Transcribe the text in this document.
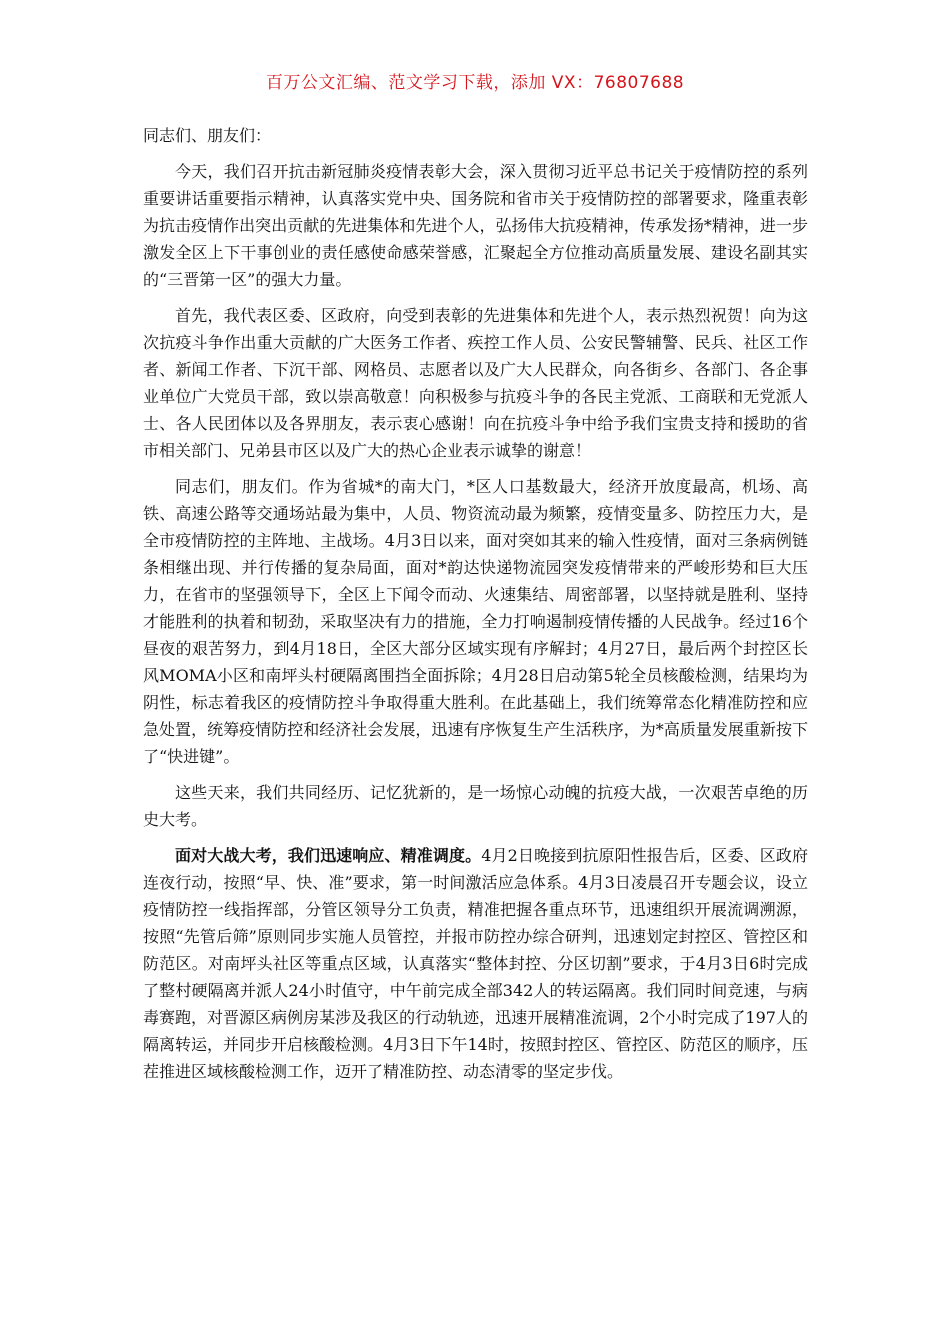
百万公文汇编、范文学习下载，添加 VX：76807688

同志们、朋友们：

今天，我们召开抗击新冠肺炎疫情表彰大会，深入贯彻习近平总书记关于疫情防控的系列重要讲话重要指示精神，认真落实党中央、国务院和省市关于疫情防控的部署要求，隆重表彰为抗击疫情作出突出贡献的先进集体和先进个人，弘扬伟大抗疫精神，传承发扬*精神，进一步激发全区上下干事创业的责任感使命感荣誉感，汇聚起全方位推动高质量发展、建设名副其实的“三晋第一区”的强大力量。

首先，我代表区委、区政府，向受到表彰的先进集体和先进个人，表示热烈祝贺！向为这次抗疫斗争作出重大贡献的广大医务工作者、疾控工作人员、公安民警辅警、民兵、社区工作者、新闻工作者、下沉干部、网格员、志愿者以及广大人民群众，向各街乡、各部门、各企事业单位广大党员干部，致以崇高敬意！向积极参与抗疫斗争的各民主党派、工商联和无党派人士、各人民团体以及各界朋友，表示衷心感谢！向在抗疫斗争中给予我们宝贵支持和援助的省市相关部门、兄弟县市区以及广大的热心企业表示诚挚的谢意！

同志们，朋友们。作为省城*的南大门，*区人口基数最大，经济开放度最高，机场、高铁、高速公路等交通场站最为集中，人员、物资流动最为频繁，疫情变量多、防控压力大，是全市疫情防控的主阵地、主战场。4月3日以来，面对突如其来的输入性疫情，面对三条病例链条相继出现、并行传播的复杂局面，面对*韵达快递物流园突发疫情带来的严峻形势和巨大压力，在省市的坚强领导下，全区上下闻令而动、火速集结、周密部署，以坚持就是胜利、坚持才能胜利的执着和韧劲，采取坚决有力的措施，全力打响遏制疫情传播的人民战争。经过16个昼夜的艰苦努力，到4月18日，全区大部分区域实现有序解封；4月27日，最后两个封控区长风MOMA小区和南坪头村硬隔离围挡全面拆除；4月28日启动第5轮全员核酸检测，结果均为阴性，标志着我区的疫情防控斗争取得重大胜利。在此基础上，我们统筹常态化精准防控和应急处置，统筹疫情防控和经济社会发展，迅速有序恢复生产生活秩序，为*高质量发展重新按下了“快进键”。

这些天来，我们共同经历、记忆犹新的，是一场惊心动魄的抗疫大战，一次艰苦卓绝的历史大考。

面对大战大考，我们迅速响应、精准调度。4月2日晚接到抗原阳性报告后，区委、区政府连夜行动，按照“早、快、准”要求，第一时间激活应急体系。4月3日凌晨召开专题会议，设立疫情防控一线指挥部，分管区领导分工负责，精准把握各重点环节，迅速组织开展流调溯源，按照“先管后筛”原则同步实施人员管控，并报市防控办综合研判，迅速划定封控区、管控区和防范区。对南坪头社区等重点区域，认真落实“整体封控、分区切割”要求，于4月3日6时完成了整村硬隔离并派人24小时值守，中午前完成全部342人的转运隔离。我们同时间竞速，与病毒赛跑，对晋源区病例房某涉及我区的行动轨迹，迅速开展精准流调，2个小时完成了197人的隔离转运，并同步开启核酸检测。4月3日下午14时，按照封控区、管控区、防范区的顺序，压茬推进区域核酸检测工作，迈开了精准防控、动态清零的坚定步伐。
